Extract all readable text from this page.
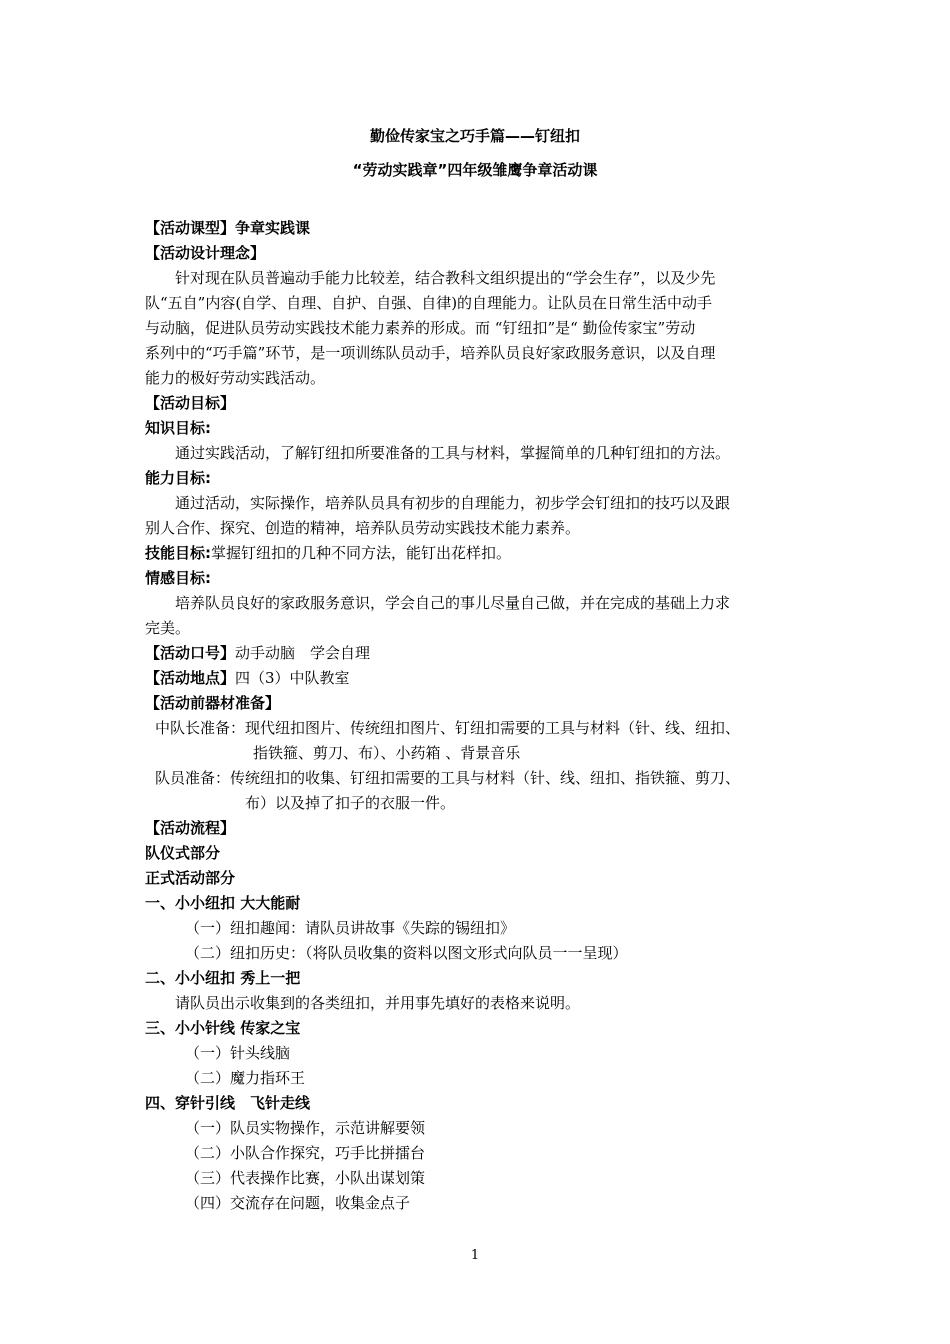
勤俭传家宝之巧手篇——钉纽扣
“劳动实践章”四年级雏鹰争章活动课
【活动课型】争章实践课
【活动设计理念】
针对现在队员普遍动手能力比较差，结合教科文组织提出的“学会生存”，以及少先
队“五自”内容(自学、自理、自护、自强、自律)的自理能力。让队员在日常生活中动手
与动脑，促进队员劳动实践技术能力素养的形成。而 “钉纽扣”是“ 勤俭传家宝”劳动
系列中的“巧手篇”环节，是一项训练队员动手，培养队员良好家政服务意识，以及自理
能力的极好劳动实践活动。
【活动目标】
知识目标:
通过实践活动，了解钉纽扣所要准备的工具与材料，掌握简单的几种钉纽扣的方法。
能力目标:
通过活动，实际操作，培养队员具有初步的自理能力，初步学会钉纽扣的技巧以及跟
别人合作、探究、创造的精神，培养队员劳动实践技术能力素养。
技能目标:掌握钉纽扣的几种不同方法，能钉出花样扣。
情感目标:
培养队员良好的家政服务意识，学会自己的事儿尽量自己做，并在完成的基础上力求
完美。
【活动口号】动手动脑　学会自理
【活动地点】四（3）中队教室
【活动前器材准备】
中队长准备：现代纽扣图片、传统纽扣图片、钉纽扣需要的工具与材料（针、线、纽扣、
指铁箍、剪刀、布）、小药箱 、背景音乐
队员准备：传统纽扣的收集、钉纽扣需要的工具与材料（针、线、纽扣、指铁箍、剪刀、
布）以及掉了扣子的衣服一件。
【活动流程】
队仪式部分
正式活动部分
一、小小纽扣 大大能耐
（一）纽扣趣闻：请队员讲故事《失踪的锡纽扣》
（二）纽扣历史：（将队员收集的资料以图文形式向队员一一呈现）
二、小小纽扣 秀上一把
请队员出示收集到的各类纽扣，并用事先填好的表格来说明。
三、小小针线 传家之宝
（一）针头线脑
（二）魔力指环王
四、穿针引线　飞针走线
（一）队员实物操作，示范讲解要领
（二）小队合作探究，巧手比拼擂台
（三）代表操作比赛，小队出谋划策
（四）交流存在问题，收集金点子
1
